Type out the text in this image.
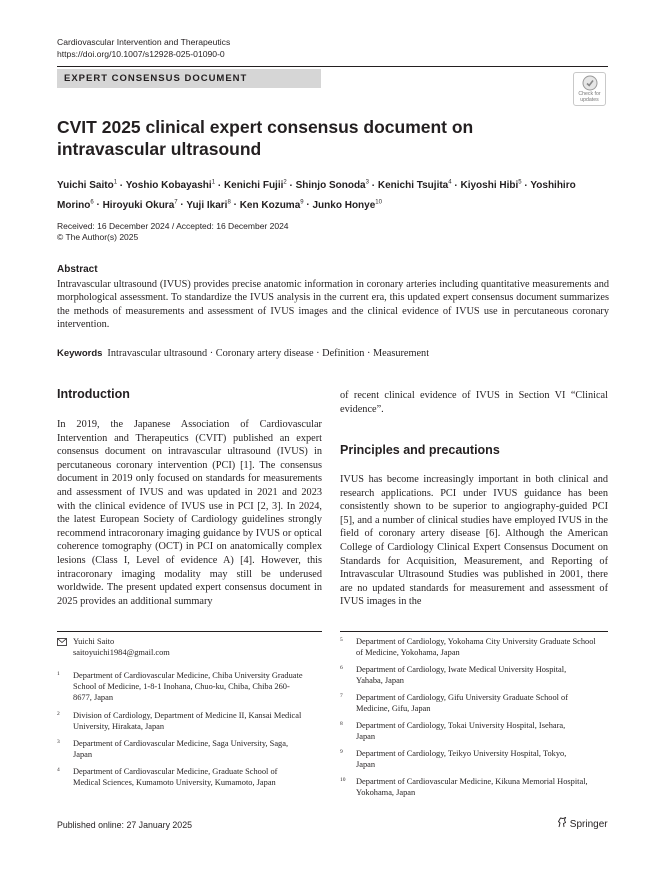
Cardiovascular Intervention and Therapeutics
https://doi.org/10.1007/s12928-025-01090-0
EXPERT CONSENSUS DOCUMENT
Check for
updates
CVIT 2025 clinical expert consensus document on intravascular ultrasound
Yuichi Saito$^1$ · Yoshio Kobayashi$^1$ · Kenichi Fujii$^2$ · Shinjo Sonoda$^3$ · Kenichi Tsujita$^4$ · Kiyoshi Hibi$^5$ · Yoshihiro Morino$^6$ · Hiroyuki Okura$^7$ · Yuji Ikari$^8$ · Ken Kozuma$^9$ · Junko Honye$^{10}$
Received: 16 December 2024 / Accepted: 16 December 2024
© The Author(s) 2025
Abstract
Intravascular ultrasound (IVUS) provides precise anatomic information in coronary arteries including quantitative measurements and morphological assessment. To standardize the IVUS analysis in the current era, this updated expert consensus document summarizes the methods of measurements and assessment of IVUS images and the clinical evidence of IVUS use in percutaneous coronary intervention.
Keywords Intravascular ultrasound · Coronary artery disease · Definition · Measurement
Introduction
In 2019, the Japanese Association of Cardiovascular Intervention and Therapeutics (CVIT) published an expert consensus document on intravascular ultrasound (IVUS) in percutaneous coronary intervention (PCI) [1]. The consensus document in 2019 only focused on standards for measurements and assessment of IVUS and was updated in 2021 and 2023 with the clinical evidence of IVUS use in PCI [2, 3]. In 2024, the latest European Society of Cardiology guidelines strongly recommend intracoronary imaging guidance by IVUS or optical coherence tomography (OCT) in PCI on anatomically complex lesions (Class I, Level of evidence A) [4]. However, this intracoronary imaging modality may still be underused worldwide. The present updated expert consensus document in 2025 provides an additional summary
of recent clinical evidence of IVUS in Section VI “Clinical evidence”.
Principles and precautions
IVUS has become increasingly important in both clinical and research applications. PCI under IVUS guidance has been consistently shown to be superior to angiography-guided PCI [5], and a number of clinical studies have employed IVUS in the field of coronary artery disease [6]. Although the American College of Cardiology Clinical Expert Consensus Document on Standards for Acquisition, Measurement, and Reporting of Intravascular Ultrasound Studies was published in 2001, there are no updated standards for measurement and assessment of IVUS images in the
Yuichi Saito
saitoyuichi1984@gmail.com
1 Department of Cardiovascular Medicine, Chiba University Graduate School of Medicine, 1-8-1 Inohana, Chuo-ku, Chiba, Chiba 260-8677, Japan
2 Division of Cardiology, Department of Medicine II, Kansai Medical University, Hirakata, Japan
3 Department of Cardiovascular Medicine, Saga University, Saga, Japan
4 Department of Cardiovascular Medicine, Graduate School of Medical Sciences, Kumamoto University, Kumamoto, Japan
5 Department of Cardiology, Yokohama City University Graduate School of Medicine, Yokohama, Japan
6 Department of Cardiology, Iwate Medical University Hospital, Yahaba, Japan
7 Department of Cardiology, Gifu University Graduate School of Medicine, Gifu, Japan
8 Department of Cardiology, Tokai University Hospital, Isehara, Japan
9 Department of Cardiology, Teikyo University Hospital, Tokyo, Japan
10 Department of Cardiovascular Medicine, Kikuna Memorial Hospital, Yokohama, Japan
Published online: 27 January 2025	Springer
